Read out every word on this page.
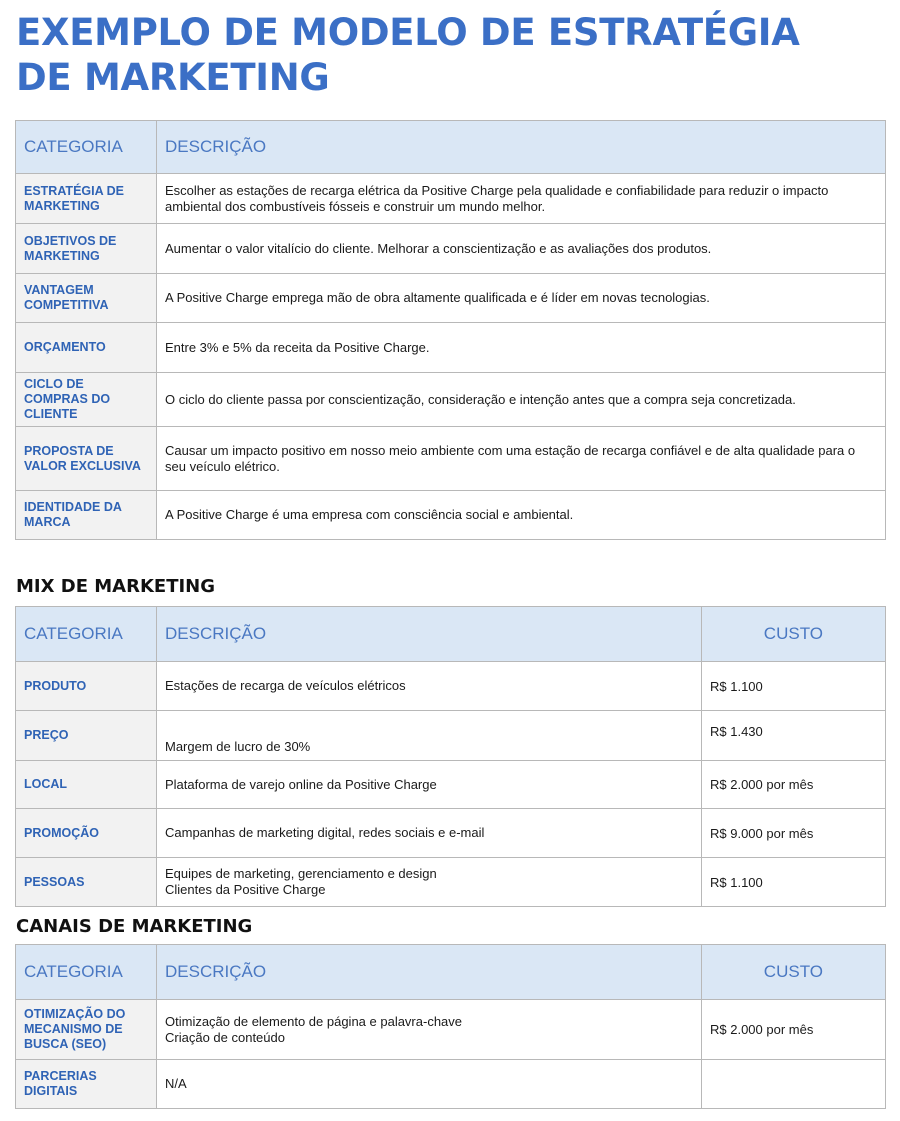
EXEMPLO DE MODELO DE ESTRATÉGIA
DE MARKETING
CATEGORIA	DESCRIÇÃO
ESTRATÉGIA DE MARKETING	Escolher as estações de recarga elétrica da Positive Charge pela qualidade e confiabilidade para reduzir o impacto ambiental dos combustíveis fósseis e construir um mundo melhor.
OBJETIVOS DE MARKETING	Aumentar o valor vitalício do cliente. Melhorar a conscientização e as avaliações dos produtos.
VANTAGEM COMPETITIVA	A Positive Charge emprega mão de obra altamente qualificada e é líder em novas tecnologias.
ORÇAMENTO	Entre 3% e 5% da receita da Positive Charge.
CICLO DE COMPRAS DO CLIENTE	O ciclo do cliente passa por conscientização, consideração e intenção antes que a compra seja concretizada.
PROPOSTA DE VALOR EXCLUSIVA	Causar um impacto positivo em nosso meio ambiente com uma estação de recarga confiável e de alta qualidade para o seu veículo elétrico.
IDENTIDADE DA MARCA	A Positive Charge é uma empresa com consciência social e ambiental.
MIX DE MARKETING
CATEGORIA	DESCRIÇÃO	CUSTO
PRODUTO	Estações de recarga de veículos elétricos	R$ 1.100
PREÇO	Margem de lucro de 30%	R$ 1.430
LOCAL	Plataforma de varejo online da Positive Charge	R$ 2.000 por mês
PROMOÇÃO	Campanhas de marketing digital, redes sociais e e-mail	R$ 9.000 por mês
PESSOAS	Equipes de marketing, gerenciamento e design
Clientes da Positive Charge	R$ 1.100
CANAIS DE MARKETING
CATEGORIA	DESCRIÇÃO	CUSTO
OTIMIZAÇÃO DO MECANISMO DE BUSCA (SEO)	Otimização de elemento de página e palavra-chave
Criação de conteúdo	R$ 2.000 por mês
PARCERIAS DIGITAIS	N/A	
